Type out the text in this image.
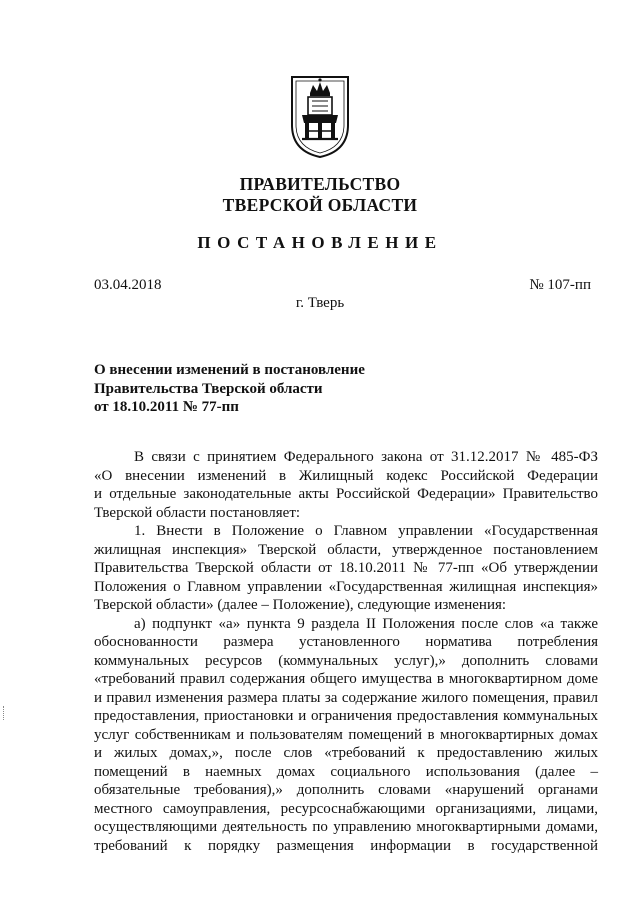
ПРАВИТЕЛЬСТВО
ТВЕРСКОЙ ОБЛАСТИ
ПОСТАНОВЛЕНИЕ
03.04.2018	№ 107-пп
г. Тверь
О внесении изменений в постановление
Правительства Тверской области
от 18.10.2011 № 77-пп
В связи с принятием Федерального закона от 31.12.2017 № 485-ФЗ
«О внесении изменений в Жилищный кодекс Российской Федерации
и отдельные законодательные акты Российской Федерации» Правительство
Тверской области постановляет:
1. Внести в Положение о Главном управлении «Государственная
жилищная инспекция» Тверской области, утвержденное постановлением
Правительства Тверской области от 18.10.2011 № 77-пп «Об утверждении
Положения о Главном управлении «Государственная жилищная инспекция»
Тверской области» (далее – Положение), следующие изменения:
а) подпункт «а» пункта 9 раздела II Положения после слов «а также
обоснованности размера установленного норматива потребления
коммунальных ресурсов (коммунальных услуг),» дополнить словами
«требований правил содержания общего имущества в многоквартирном доме
и правил изменения размера платы за содержание жилого помещения, правил
предоставления, приостановки и ограничения предоставления коммунальных
услуг собственникам и пользователям помещений в многоквартирных домах
и жилых домах,», после слов «требований к предоставлению жилых
помещений в наемных домах социального использования (далее –
обязательные требования),» дополнить словами «нарушений органами
местного самоуправления, ресурсоснабжающими организациями, лицами,
осуществляющими деятельность по управлению многоквартирными домами,
требований к порядку размещения информации в государственной
